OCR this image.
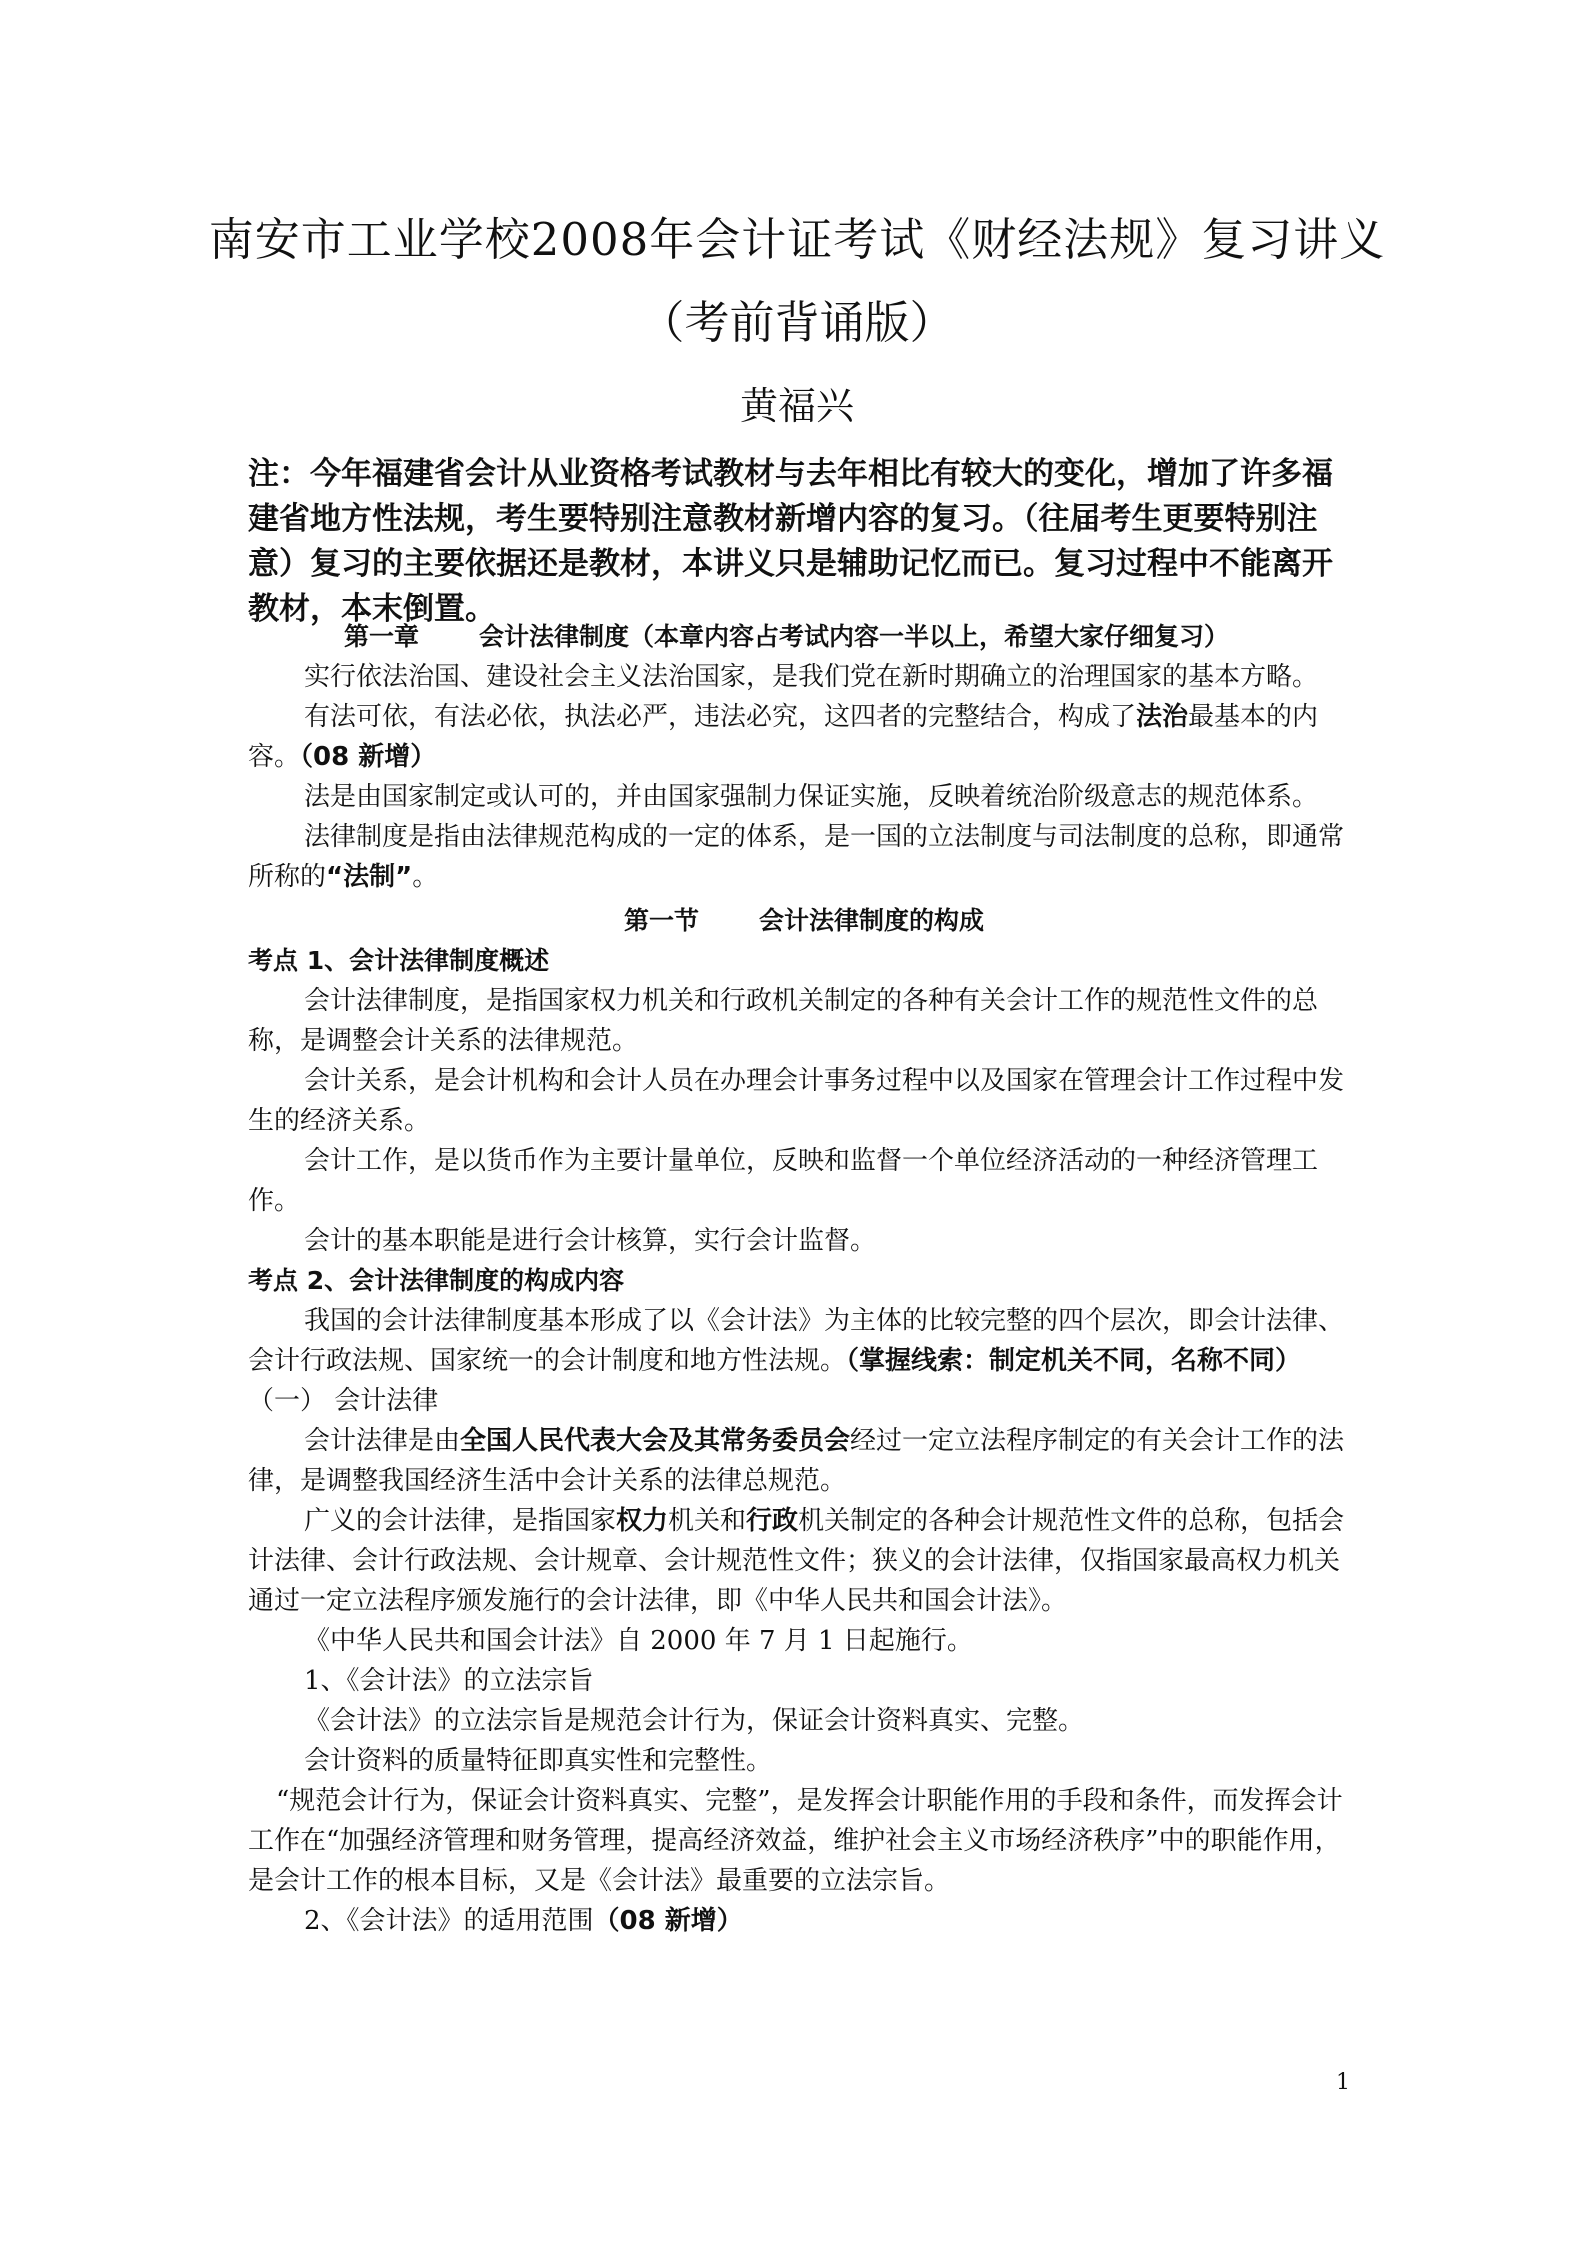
南安市工业学校2008年会计证考试《财经法规》复习讲义
（考前背诵版）
黄福兴
注：今年福建省会计从业资格考试教材与去年相比有较大的变化，增加了许多福建省地方性法规，考生要特别注意教材新增内容的复习。（往届考生更要特别注意）复习的主要依据还是教材，本讲义只是辅助记忆而已。复习过程中不能离开教材，本末倒置。

第一章 会计法律制度（本章内容占考试内容一半以上，希望大家仔细复习）

实行依法治国、建设社会主义法治国家，是我们党在新时期确立的治理国家的基本方略。

有法可依，有法必依，执法必严，违法必究，这四者的完整结合，构成了法治最基本的内容。（08 新增）

法是由国家制定或认可的，并由国家强制力保证实施，反映着统治阶级意志的规范体系。

法律制度是指由法律规范构成的一定的体系，是一国的立法制度与司法制度的总称，即通常所称的“法制”。

第一节 会计法律制度的构成

考点 1、会计法律制度概述

会计法律制度，是指国家权力机关和行政机关制定的各种有关会计工作的规范性文件的总称，是调整会计关系的法律规范。

会计关系，是会计机构和会计人员在办理会计事务过程中以及国家在管理会计工作过程中发生的经济关系。

会计工作，是以货币作为主要计量单位，反映和监督一个单位经济活动的一种经济管理工作。

会计的基本职能是进行会计核算，实行会计监督。

考点 2、会计法律制度的构成内容

我国的会计法律制度基本形成了以《会计法》为主体的比较完整的四个层次，即会计法律、会计行政法规、国家统一的会计制度和地方性法规。（掌握线索：制定机关不同，名称不同）

（一） 会计法律

会计法律是由全国人民代表大会及其常务委员会经过一定立法程序制定的有关会计工作的法律，是调整我国经济生活中会计关系的法律总规范。

广义的会计法律，是指国家权力机关和行政机关制定的各种会计规范性文件的总称，包括会计法律、会计行政法规、会计规章、会计规范性文件；狭义的会计法律，仅指国家最高权力机关通过一定立法程序颁发施行的会计法律，即《中华人民共和国会计法》。

《中华人民共和国会计法》自 2000 年 7 月 1 日起施行。

1、《会计法》的立法宗旨

《会计法》的立法宗旨是规范会计行为，保证会计资料真实、完整。

会计资料的质量特征即真实性和完整性。

“规范会计行为，保证会计资料真实、完整”，是发挥会计职能作用的手段和条件，而发挥会计工作在“加强经济管理和财务管理，提高经济效益，维护社会主义市场经济秩序”中的职能作用，是会计工作的根本目标，又是《会计法》最重要的立法宗旨。

2、《会计法》的适用范围（08 新增）

1
